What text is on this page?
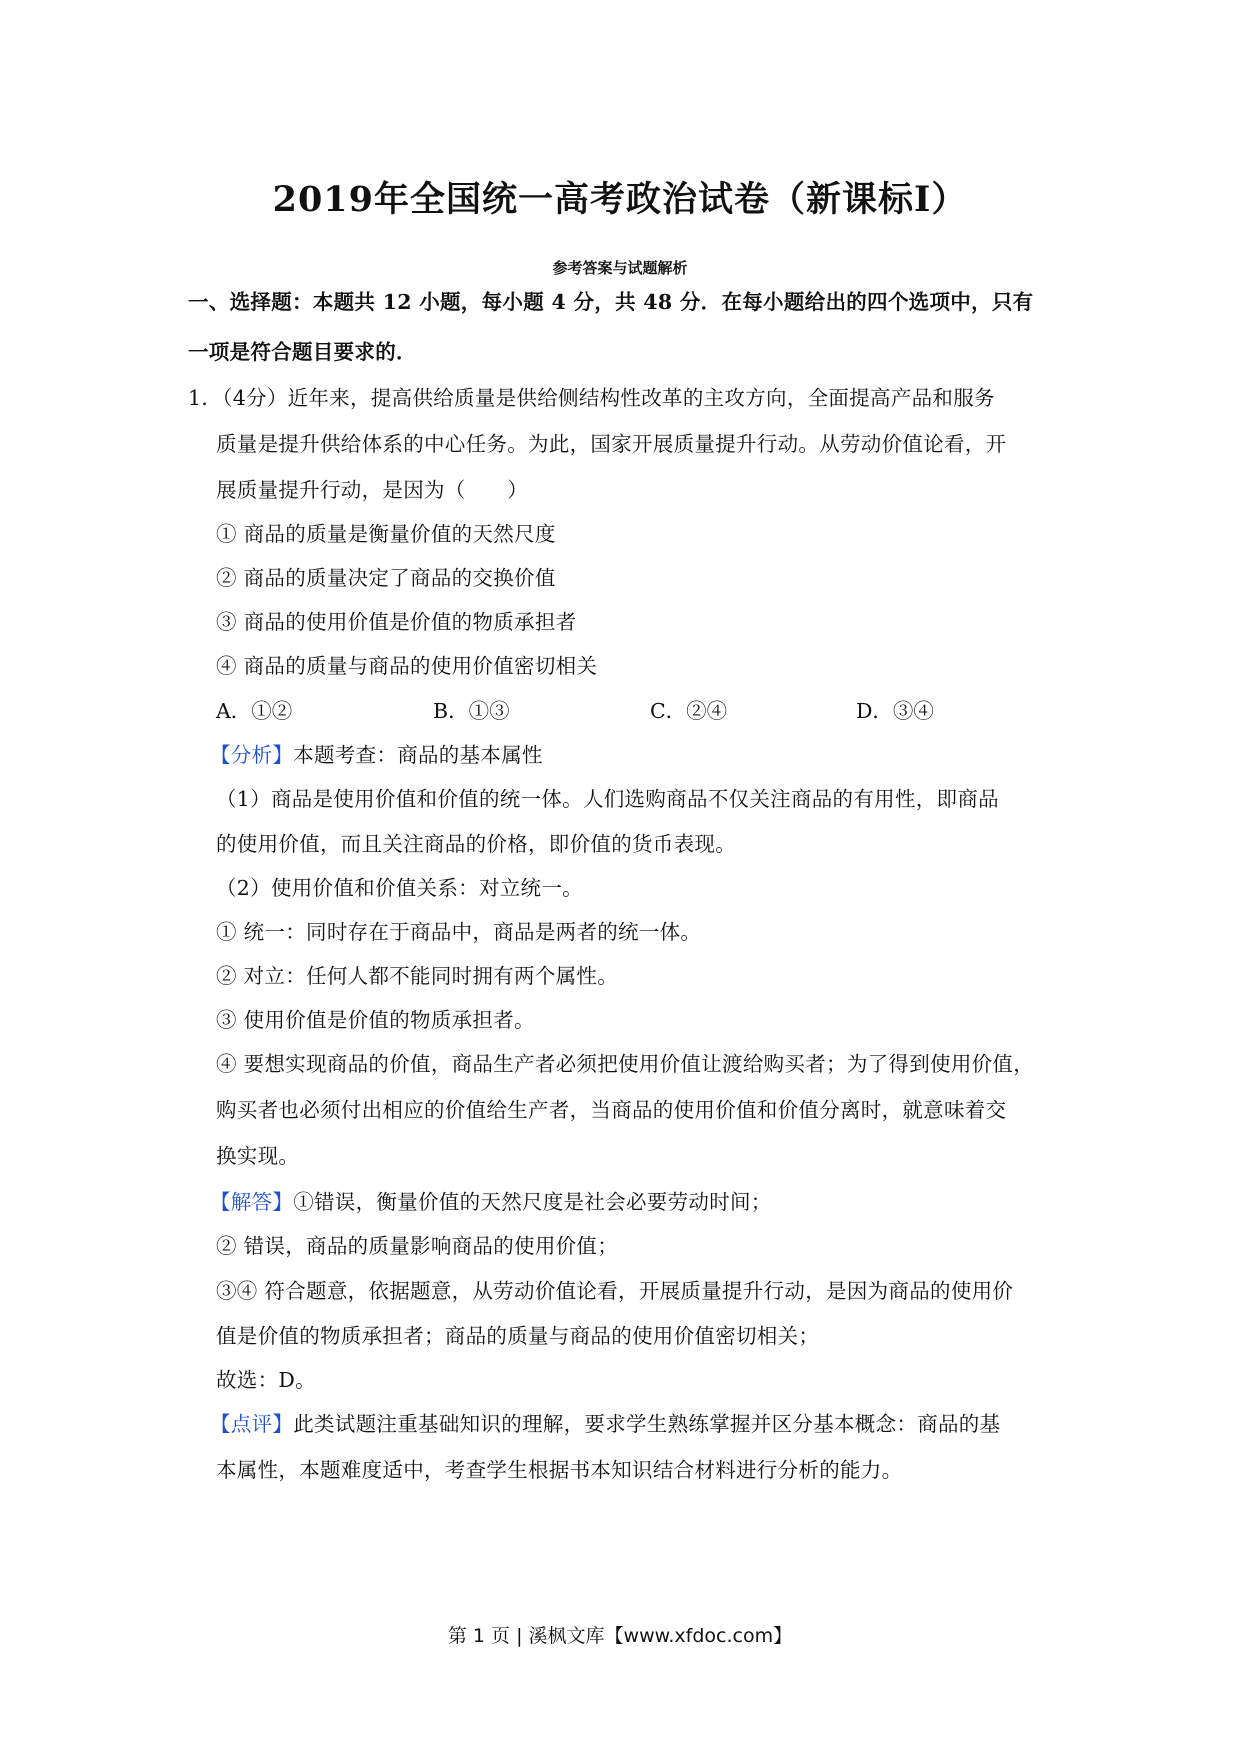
2019年全国统一高考政治试卷（新课标Ⅰ）
参考答案与试题解析
一、选择题：本题共 12 小题，每小题 4 分，共 48 分．在每小题给出的四个选项中，只有
一项是符合题目要求的．
1．（4分）近年来，提高供给质量是供给侧结构性改革的主攻方向，全面提高产品和服务
质量是提升供给体系的中心任务。为此，国家开展质量提升行动。从劳动价值论看，开
展质量提升行动，是因为（　　）
① 商品的质量是衡量价值的天然尺度
② 商品的质量决定了商品的交换价值
③ 商品的使用价值是价值的物质承担者
④ 商品的质量与商品的使用价值密切相关
A．①②	B．①③	C．②④	D．③④
【分析】本题考查：商品的基本属性
（1）商品是使用价值和价值的统一体。人们选购商品不仅关注商品的有用性，即商品
的使用价值，而且关注商品的价格，即价值的货币表现。
（2）使用价值和价值关系：对立统一。
① 统一：同时存在于商品中，商品是两者的统一体。
② 对立：任何人都不能同时拥有两个属性。
③ 使用价值是价值的物质承担者。
④ 要想实现商品的价值，商品生产者必须把使用价值让渡给购买者；为了得到使用价值，
购买者也必须付出相应的价值给生产者，当商品的使用价值和价值分离时，就意味着交
换实现。
【解答】①错误，衡量价值的天然尺度是社会必要劳动时间；
② 错误，商品的质量影响商品的使用价值；
③④ 符合题意，依据题意，从劳动价值论看，开展质量提升行动，是因为商品的使用价
值是价值的物质承担者；商品的质量与商品的使用价值密切相关；
故选：D。
【点评】此类试题注重基础知识的理解，要求学生熟练掌握并区分基本概念：商品的基
本属性，本题难度适中，考查学生根据书本知识结合材料进行分析的能力。
第 1 页 | 溪枫文库【www.xfdoc.com】
